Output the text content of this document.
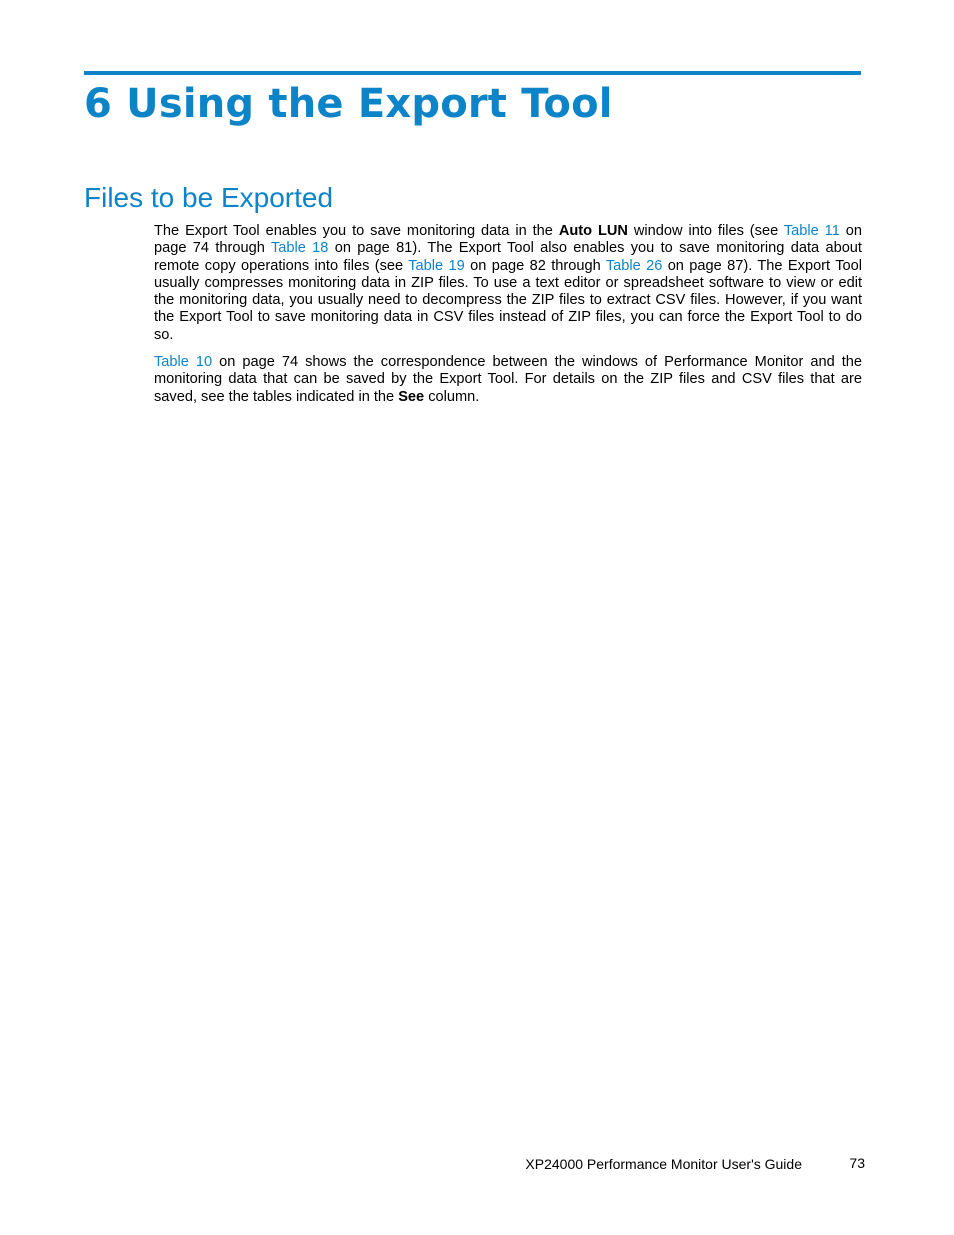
6 Using the Export Tool
Files to be Exported

The Export Tool enables you to save monitoring data in the Auto LUN window into files (see Table 11 on page 74 through Table 18 on page 81). The Export Tool also enables you to save monitoring data about remote copy operations into files (see Table 19 on page 82 through Table 26 on page 87). The Export Tool usually compresses monitoring data in ZIP files. To use a text editor or spreadsheet software to view or edit the monitoring data, you usually need to decompress the ZIP files to extract CSV files. However, if you want the Export Tool to save monitoring data in CSV files instead of ZIP files, you can force the Export Tool to do so.

Table 10 on page 74 shows the correspondence between the windows of Performance Monitor and the monitoring data that can be saved by the Export Tool. For details on the ZIP files and CSV files that are saved, see the tables indicated in the See column.

XP24000 Performance Monitor User's Guide	73
